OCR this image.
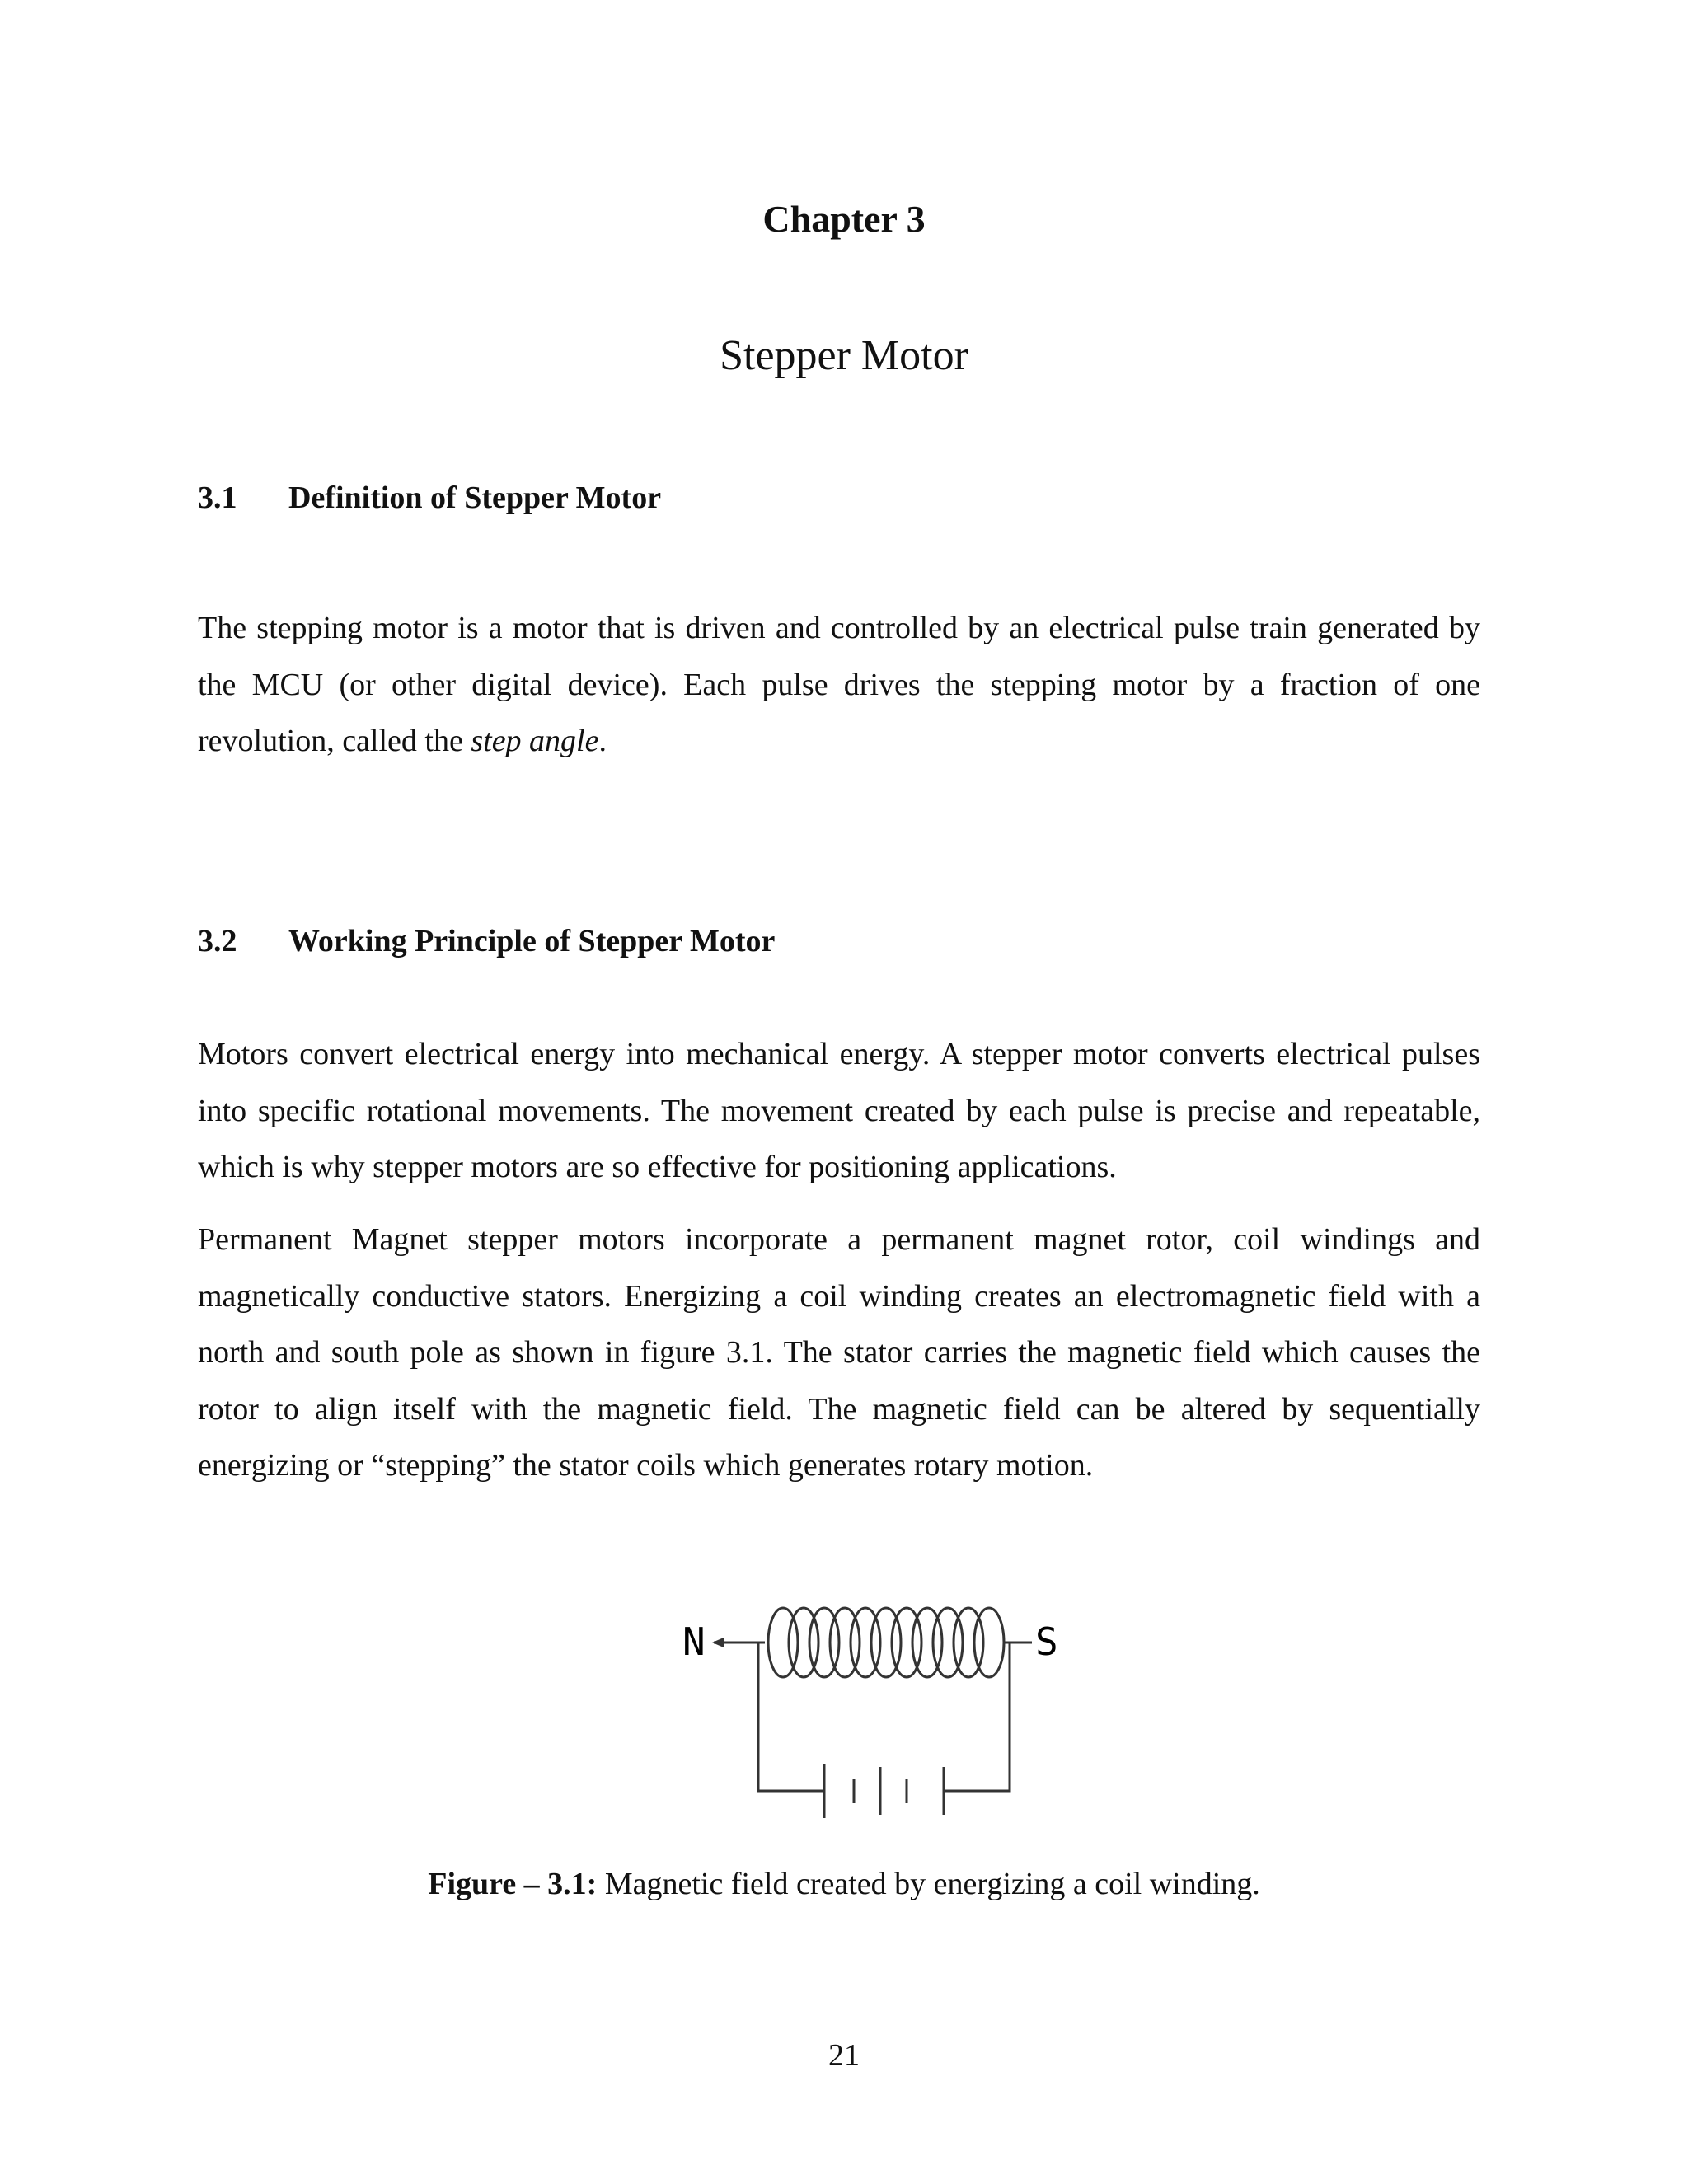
Chapter 3
Stepper Motor
3.1 Definition of Stepper Motor

The stepping motor is a motor that is driven and controlled by an electrical pulse train generated by the MCU (or other digital device). Each pulse drives the stepping motor by a fraction of one revolution, called the step angle.

3.2 Working Principle of Stepper Motor

Motors convert electrical energy into mechanical energy. A stepper motor converts electrical pulses into specific rotational movements. The movement created by each pulse is precise and repeatable, which is why stepper motors are so effective for positioning applications.

Permanent Magnet stepper motors incorporate a permanent magnet rotor, coil windings and magnetically conductive stators. Energizing a coil winding creates an electromagnetic field with a north and south pole as shown in figure 3.1. The stator carries the magnetic field which causes the rotor to align itself with the magnetic field. The magnetic field can be altered by sequentially energizing or “stepping” the stator coils which generates rotary motion.

N	S
Figure – 3.1: Magnetic field created by energizing a coil winding.
21
